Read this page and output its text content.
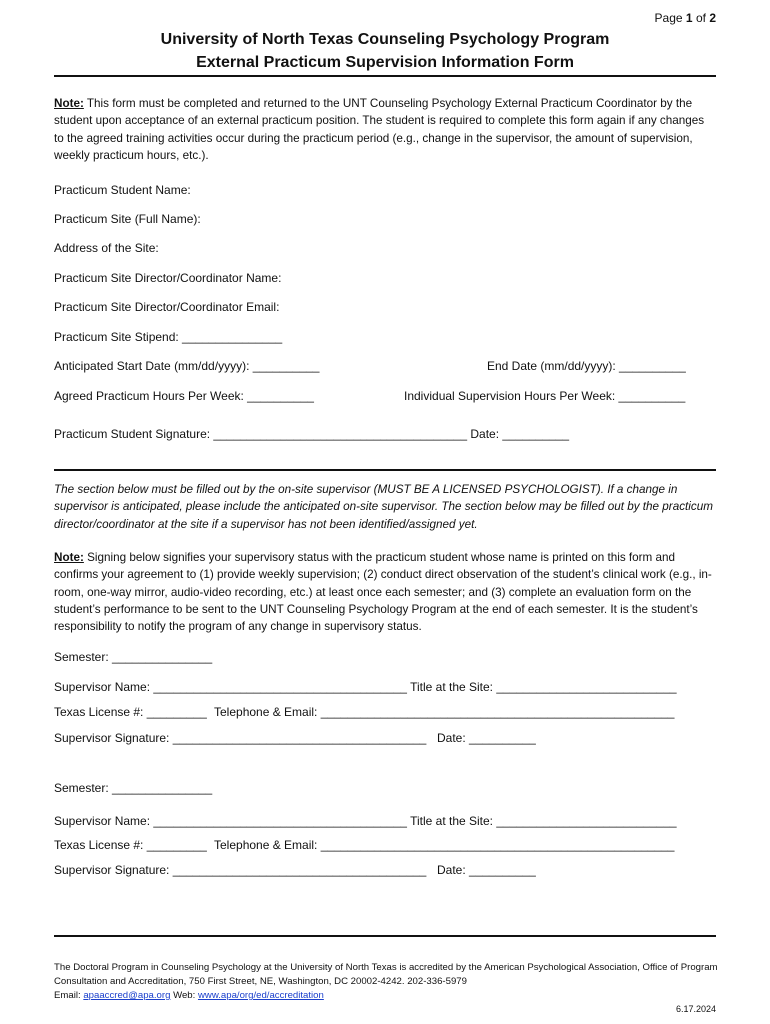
Page 1 of 2
University of North Texas Counseling Psychology Program
External Practicum Supervision Information Form
Note: This form must be completed and returned to the UNT Counseling Psychology External Practicum Coordinator by the student upon acceptance of an external practicum position. The student is required to complete this form again if any changes to the agreed training activities occur during the practicum period (e.g., change in the supervisor, the amount of supervision, weekly practicum hours, etc.).
Practicum Student Name:
Practicum Site (Full Name):
Address of the Site:
Practicum Site Director/Coordinator Name:
Practicum Site Director/Coordinator Email:
Practicum Site Stipend: _______________
Anticipated Start Date (mm/dd/yyyy): __________	End Date (mm/dd/yyyy): __________
Agreed Practicum Hours Per Week: __________	Individual Supervision Hours Per Week: __________
Practicum Student Signature: ______________________________________ Date: __________
The section below must be filled out by the on-site supervisor (MUST BE A LICENSED PSYCHOLOGIST). If a change in supervisor is anticipated, please include the anticipated on-site supervisor. The section below may be filled out by the practicum director/coordinator at the site if a supervisor has not been identified/assigned yet.
Note: Signing below signifies your supervisory status with the practicum student whose name is printed on this form and confirms your agreement to (1) provide weekly supervision; (2) conduct direct observation of the student’s clinical work (e.g., in-room, one-way mirror, audio-video recording, etc.) at least once each semester; and (3) complete an evaluation form on the student’s performance to be sent to the UNT Counseling Psychology Program at the end of each semester. It is the student’s responsibility to notify the program of any change in supervisory status.
Semester: _______________
Supervisor Name: ______________________________________ Title at the Site: ___________________________
Texas License #: _________ Telephone & Email: _____________________________________________________
Supervisor Signature: ______________________________________ Date: __________
Semester: _______________
Supervisor Name: ______________________________________ Title at the Site: ___________________________
Texas License #: _________ Telephone & Email: _____________________________________________________
Supervisor Signature: ______________________________________ Date: __________
The Doctoral Program in Counseling Psychology at the University of North Texas is accredited by the American Psychological Association, Office of Program Consultation and Accreditation, 750 First Street, NE, Washington, DC 20002-4242. 202-336-5979
Email: apaaccred@apa.org Web: www.apa/org/ed/accreditation
6.17.2024
